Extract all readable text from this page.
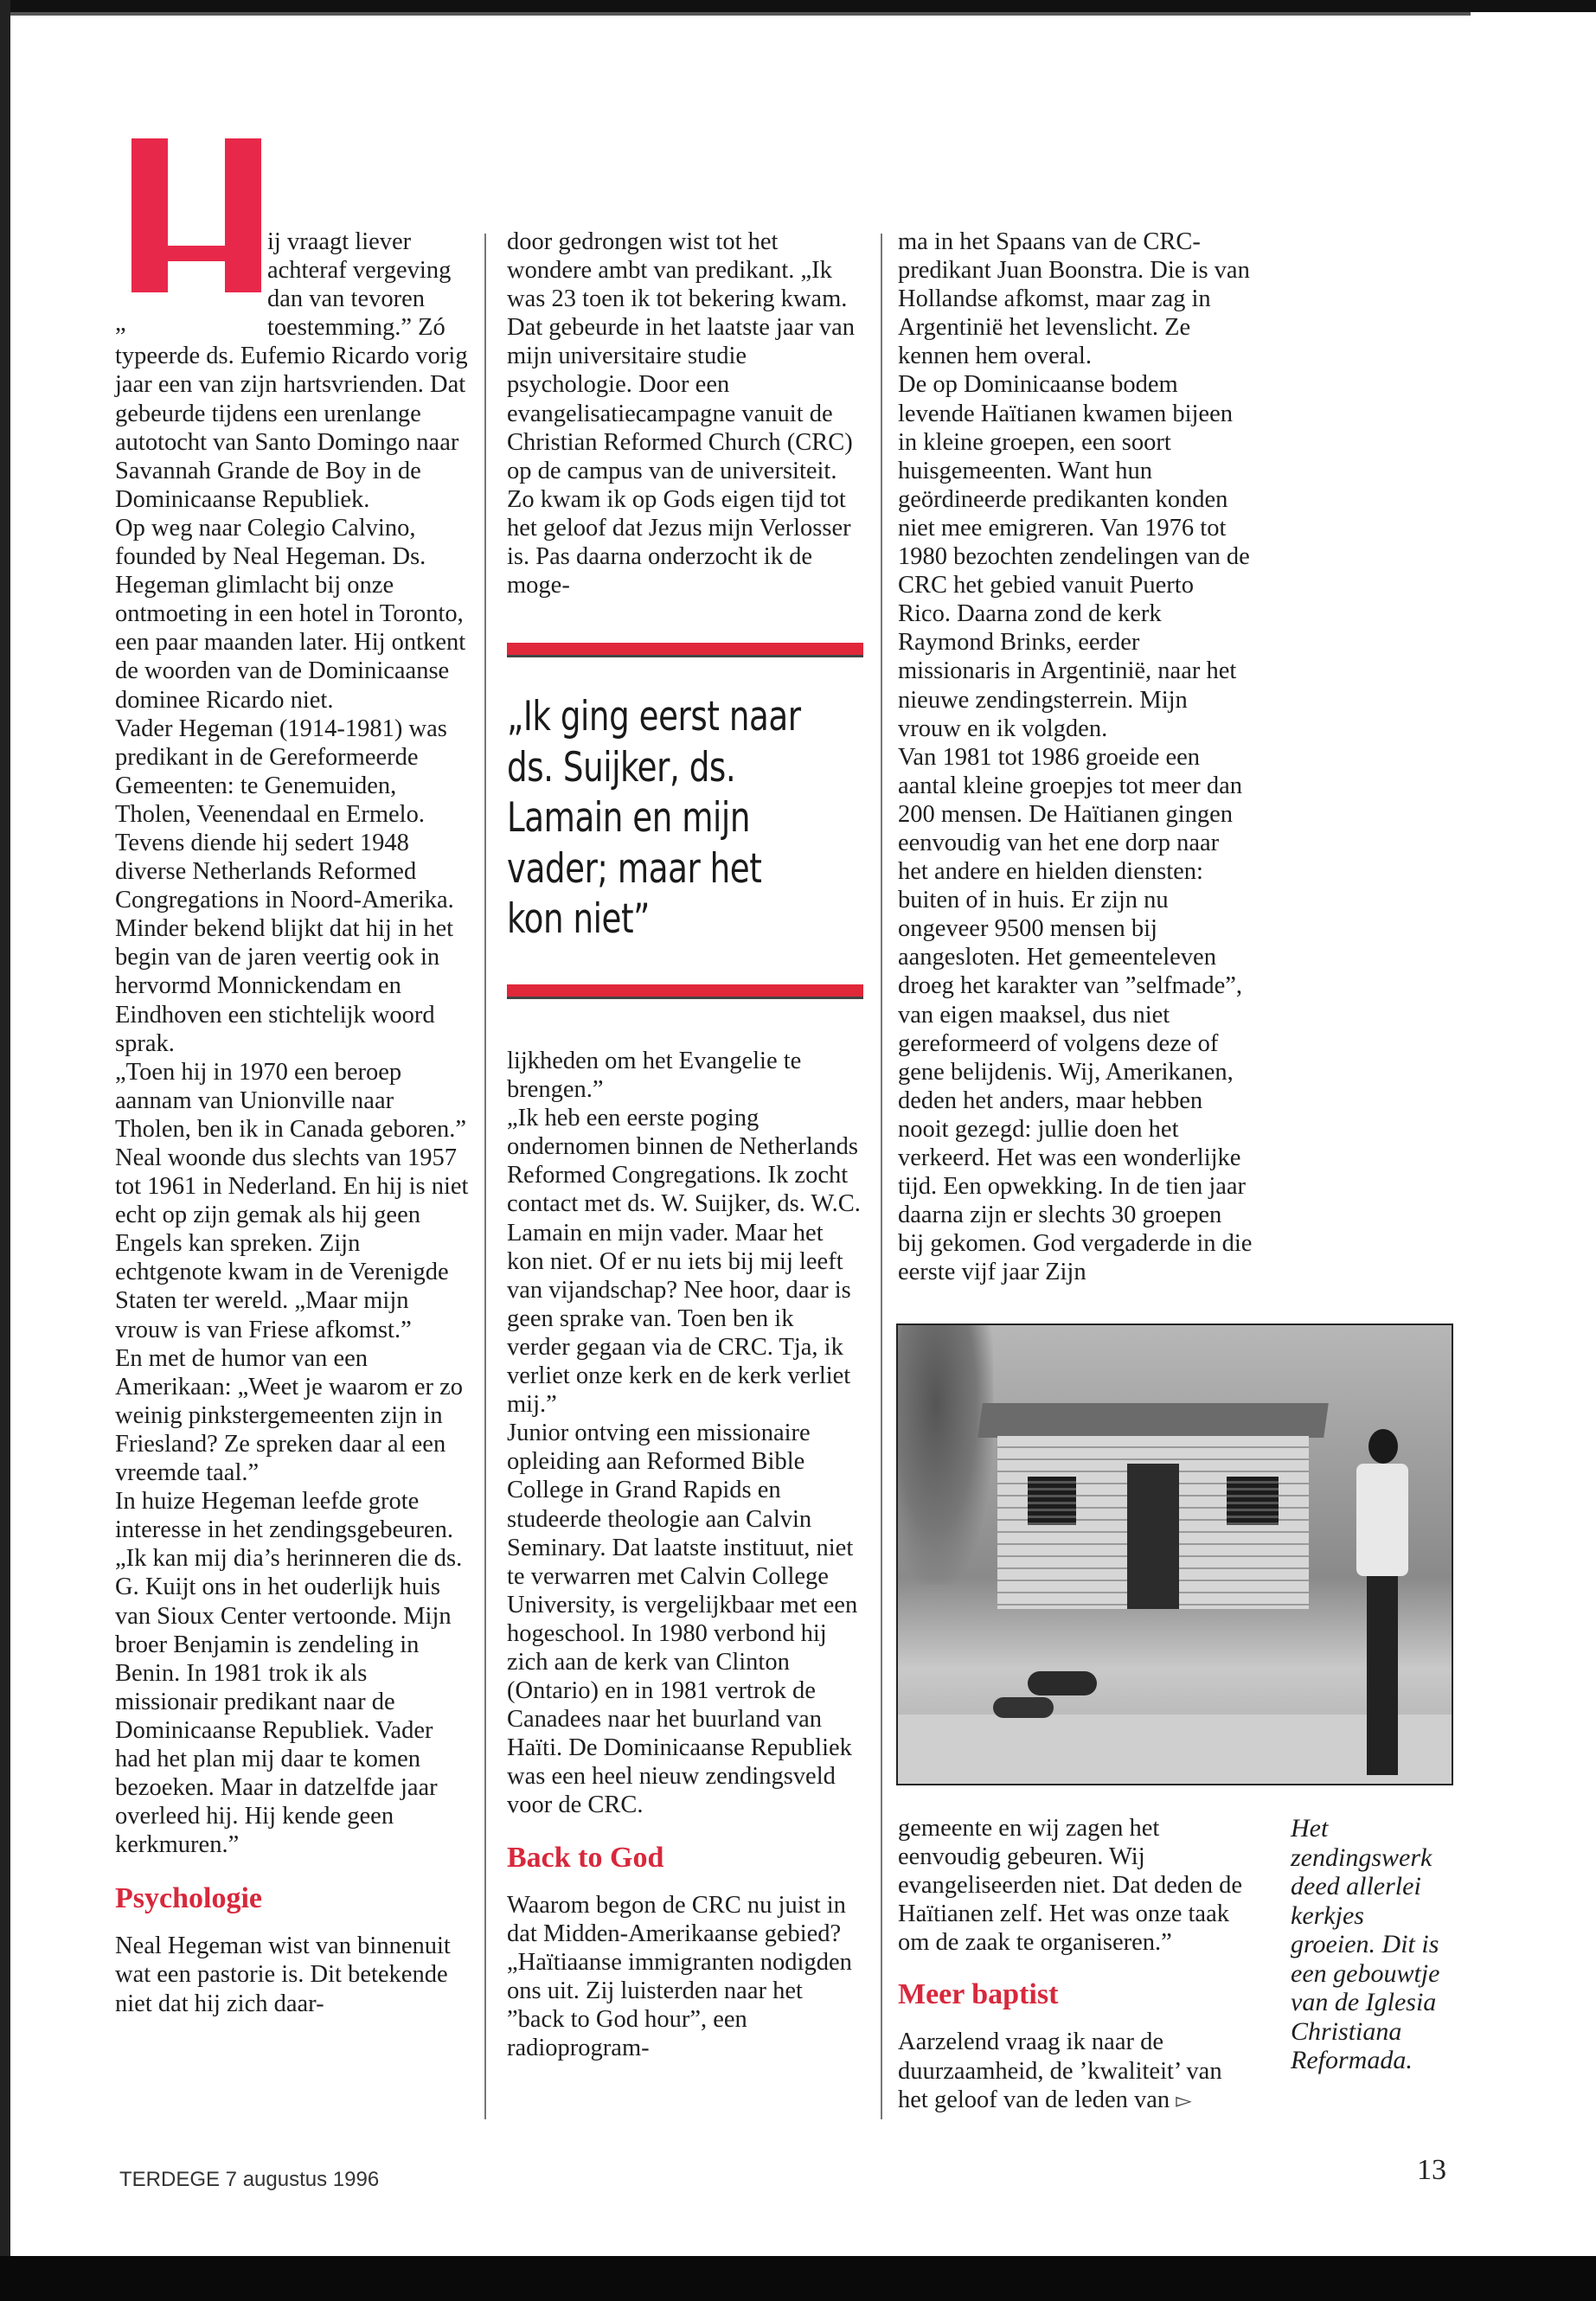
„

ij vraagt liever

achteraf vergeving

dan van tevoren

toestemming.” Zó

typeerde ds. Eufemio Ricardo vorig jaar een van zijn hartsvrienden. Dat gebeurde tijdens een urenlange autotocht van Santo Domingo naar Savannah Grande de Boy in de Dominicaanse Republiek.

Op weg naar Colegio Calvino, founded by Neal Hegeman. Ds. Hegeman glimlacht bij onze ontmoeting in een hotel in Toronto, een paar maanden later. Hij ontkent de woorden van de Dominicaanse dominee Ricardo niet.

Vader Hegeman (1914-1981) was predikant in de Gereformeerde Gemeenten: te Genemuiden, Tholen, Veenendaal en Ermelo. Tevens diende hij sedert 1948 diverse Netherlands Reformed Congregations in Noord-Amerika. Minder bekend blijkt dat hij in het begin van de jaren veertig ook in hervormd Monnickendam en Eindhoven een stichtelijk woord sprak.

„Toen hij in 1970 een beroep aannam van Unionville naar Tholen, ben ik in Canada geboren.” Neal woonde dus slechts van 1957 tot 1961 in Nederland. En hij is niet echt op zijn gemak als hij geen Engels kan spreken. Zijn echtgenote kwam in de Verenigde Staten ter wereld. „Maar mijn vrouw is van Friese afkomst.”

En met de humor van een Amerikaan: „Weet je waarom er zo weinig pinkstergemeenten zijn in Friesland? Ze spreken daar al een vreemde taal.”

In huize Hegeman leefde grote interesse in het zendingsgebeuren. „Ik kan mij dia’s herinneren die ds. G. Kuijt ons in het ouderlijk huis van Sioux Center vertoonde. Mijn broer Benjamin is zendeling in Benin. In 1981 trok ik als missionair predikant naar de Dominicaanse Republiek. Vader had het plan mij daar te komen bezoeken. Maar in datzelfde jaar overleed hij. Hij kende geen kerkmuren.”

Psychologie

Neal Hegeman wist van binnenuit wat een pastorie is. Dit betekende niet dat hij zich daar-

door gedrongen wist tot het wondere ambt van predikant. „Ik was 23 toen ik tot bekering kwam. Dat gebeurde in het laatste jaar van mijn universitaire studie psychologie. Door een evangelisatiecampagne vanuit de Christian Reformed Church (CRC) op de campus van de universiteit. Zo kwam ik op Gods eigen tijd tot het geloof dat Jezus mijn Verlosser is. Pas daarna onderzocht ik de moge-

„Ik ging eerst naar ds. Suijker, ds. Lamain en mijn vader; maar het kon niet”

lijkheden om het Evangelie te brengen.”

„Ik heb een eerste poging ondernomen binnen de Netherlands Reformed Congregations. Ik zocht contact met ds. W. Suijker, ds. W.C. Lamain en mijn vader. Maar het kon niet. Of er nu iets bij mij leeft van vijandschap? Nee hoor, daar is geen sprake van. Toen ben ik verder gegaan via de CRC. Tja, ik verliet onze kerk en de kerk verliet mij.”

Junior ontving een missionaire opleiding aan Reformed Bible College in Grand Rapids en studeerde theologie aan Calvin Seminary. Dat laatste instituut, niet te verwarren met Calvin College University, is vergelijkbaar met een hogeschool. In 1980 verbond hij zich aan de kerk van Clinton (Ontario) en in 1981 vertrok de Canadees naar het buurland van Haïti. De Dominicaanse Republiek was een heel nieuw zendingsveld voor de CRC.

Back to God

Waarom begon de CRC nu juist in dat Midden-Amerikaanse gebied? „Haïtiaanse immigranten nodigden ons uit. Zij luisterden naar het ”back to God hour”, een radioprogram-

ma in het Spaans van de CRC-predikant Juan Boonstra. Die is van Hollandse afkomst, maar zag in Argentinië het levenslicht. Ze kennen hem overal.

De op Dominicaanse bodem levende Haïtianen kwamen bijeen in kleine groepen, een soort huisgemeenten. Want hun geördineerde predikanten konden niet mee emigreren. Van 1976 tot 1980 bezochten zendelingen van de CRC het gebied vanuit Puerto Rico. Daarna zond de kerk Raymond Brinks, eerder missionaris in Argentinië, naar het nieuwe zendingsterrein. Mijn vrouw en ik volgden.

Van 1981 tot 1986 groeide een aantal kleine groepjes tot meer dan 200 mensen. De Haïtianen gingen eenvoudig van het ene dorp naar het andere en hielden diensten: buiten of in huis. Er zijn nu ongeveer 9500 mensen bij aangesloten. Het gemeenteleven droeg het karakter van ”selfmade”, van eigen maaksel, dus niet gereformeerd of volgens deze of gene belijdenis. Wij, Amerikanen, deden het anders, maar hebben nooit gezegd: jullie doen het verkeerd. Het was een wonderlijke tijd. Een opwekking. In de tien jaar daarna zijn er slechts 30 groepen bij gekomen. God vergaderde in die eerste vijf jaar Zijn

gemeente en wij zagen het eenvoudig gebeuren. Wij evangeliseerden niet. Dat deden de Haïtianen zelf. Het was onze taak om de zaak te organiseren.”

Meer baptist

Aarzelend vraag ik naar de duurzaamheid, de ’kwaliteit’ van het geloof van de leden van ▻

Het zendingswerk deed allerlei kerkjes groeien. Dit is een gebouwtje van de Iglesia Christiana Reformada.
TERDEGE 7 augustus 1996	13
